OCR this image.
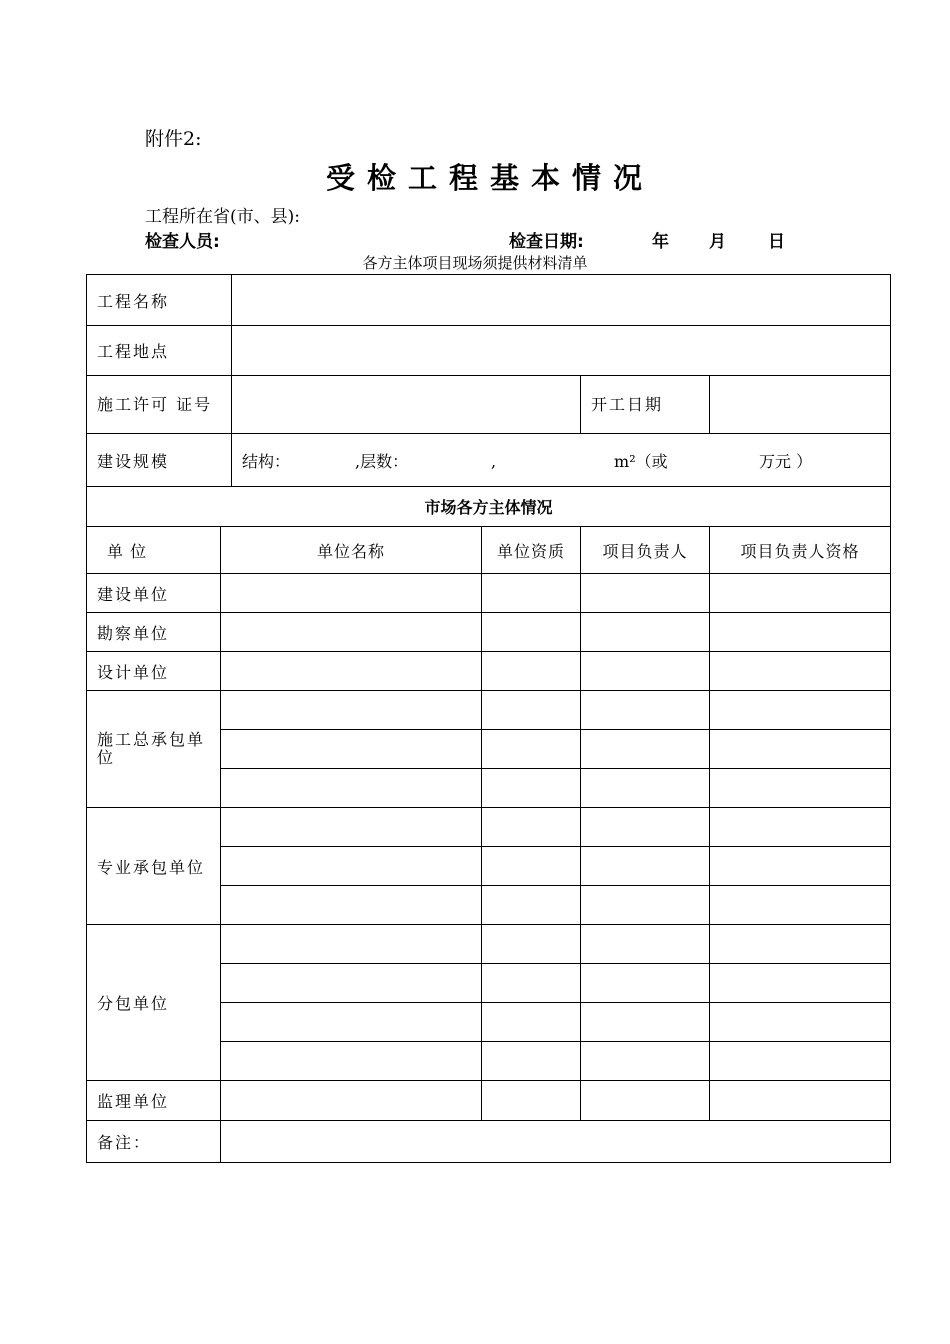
附件2:
受检工程基本情况
工程所在省(市、县):
检查人员:	检查日期:	年 月 日
各方主体项目现场须提供材料清单
工程名称					
工程地点					
施工许可 证号				开工日期	
建设规模		结构： ,层数： , m²（或 万元 ）			
市场各方主体情况					
单 位	单位名称		单位资质	项目负责人	项目负责人资格
建设单位					
勘察单位					
设计单位					
施工总承包单位					

专业承包单位					

分包单位					

监理单位					
备注：					
